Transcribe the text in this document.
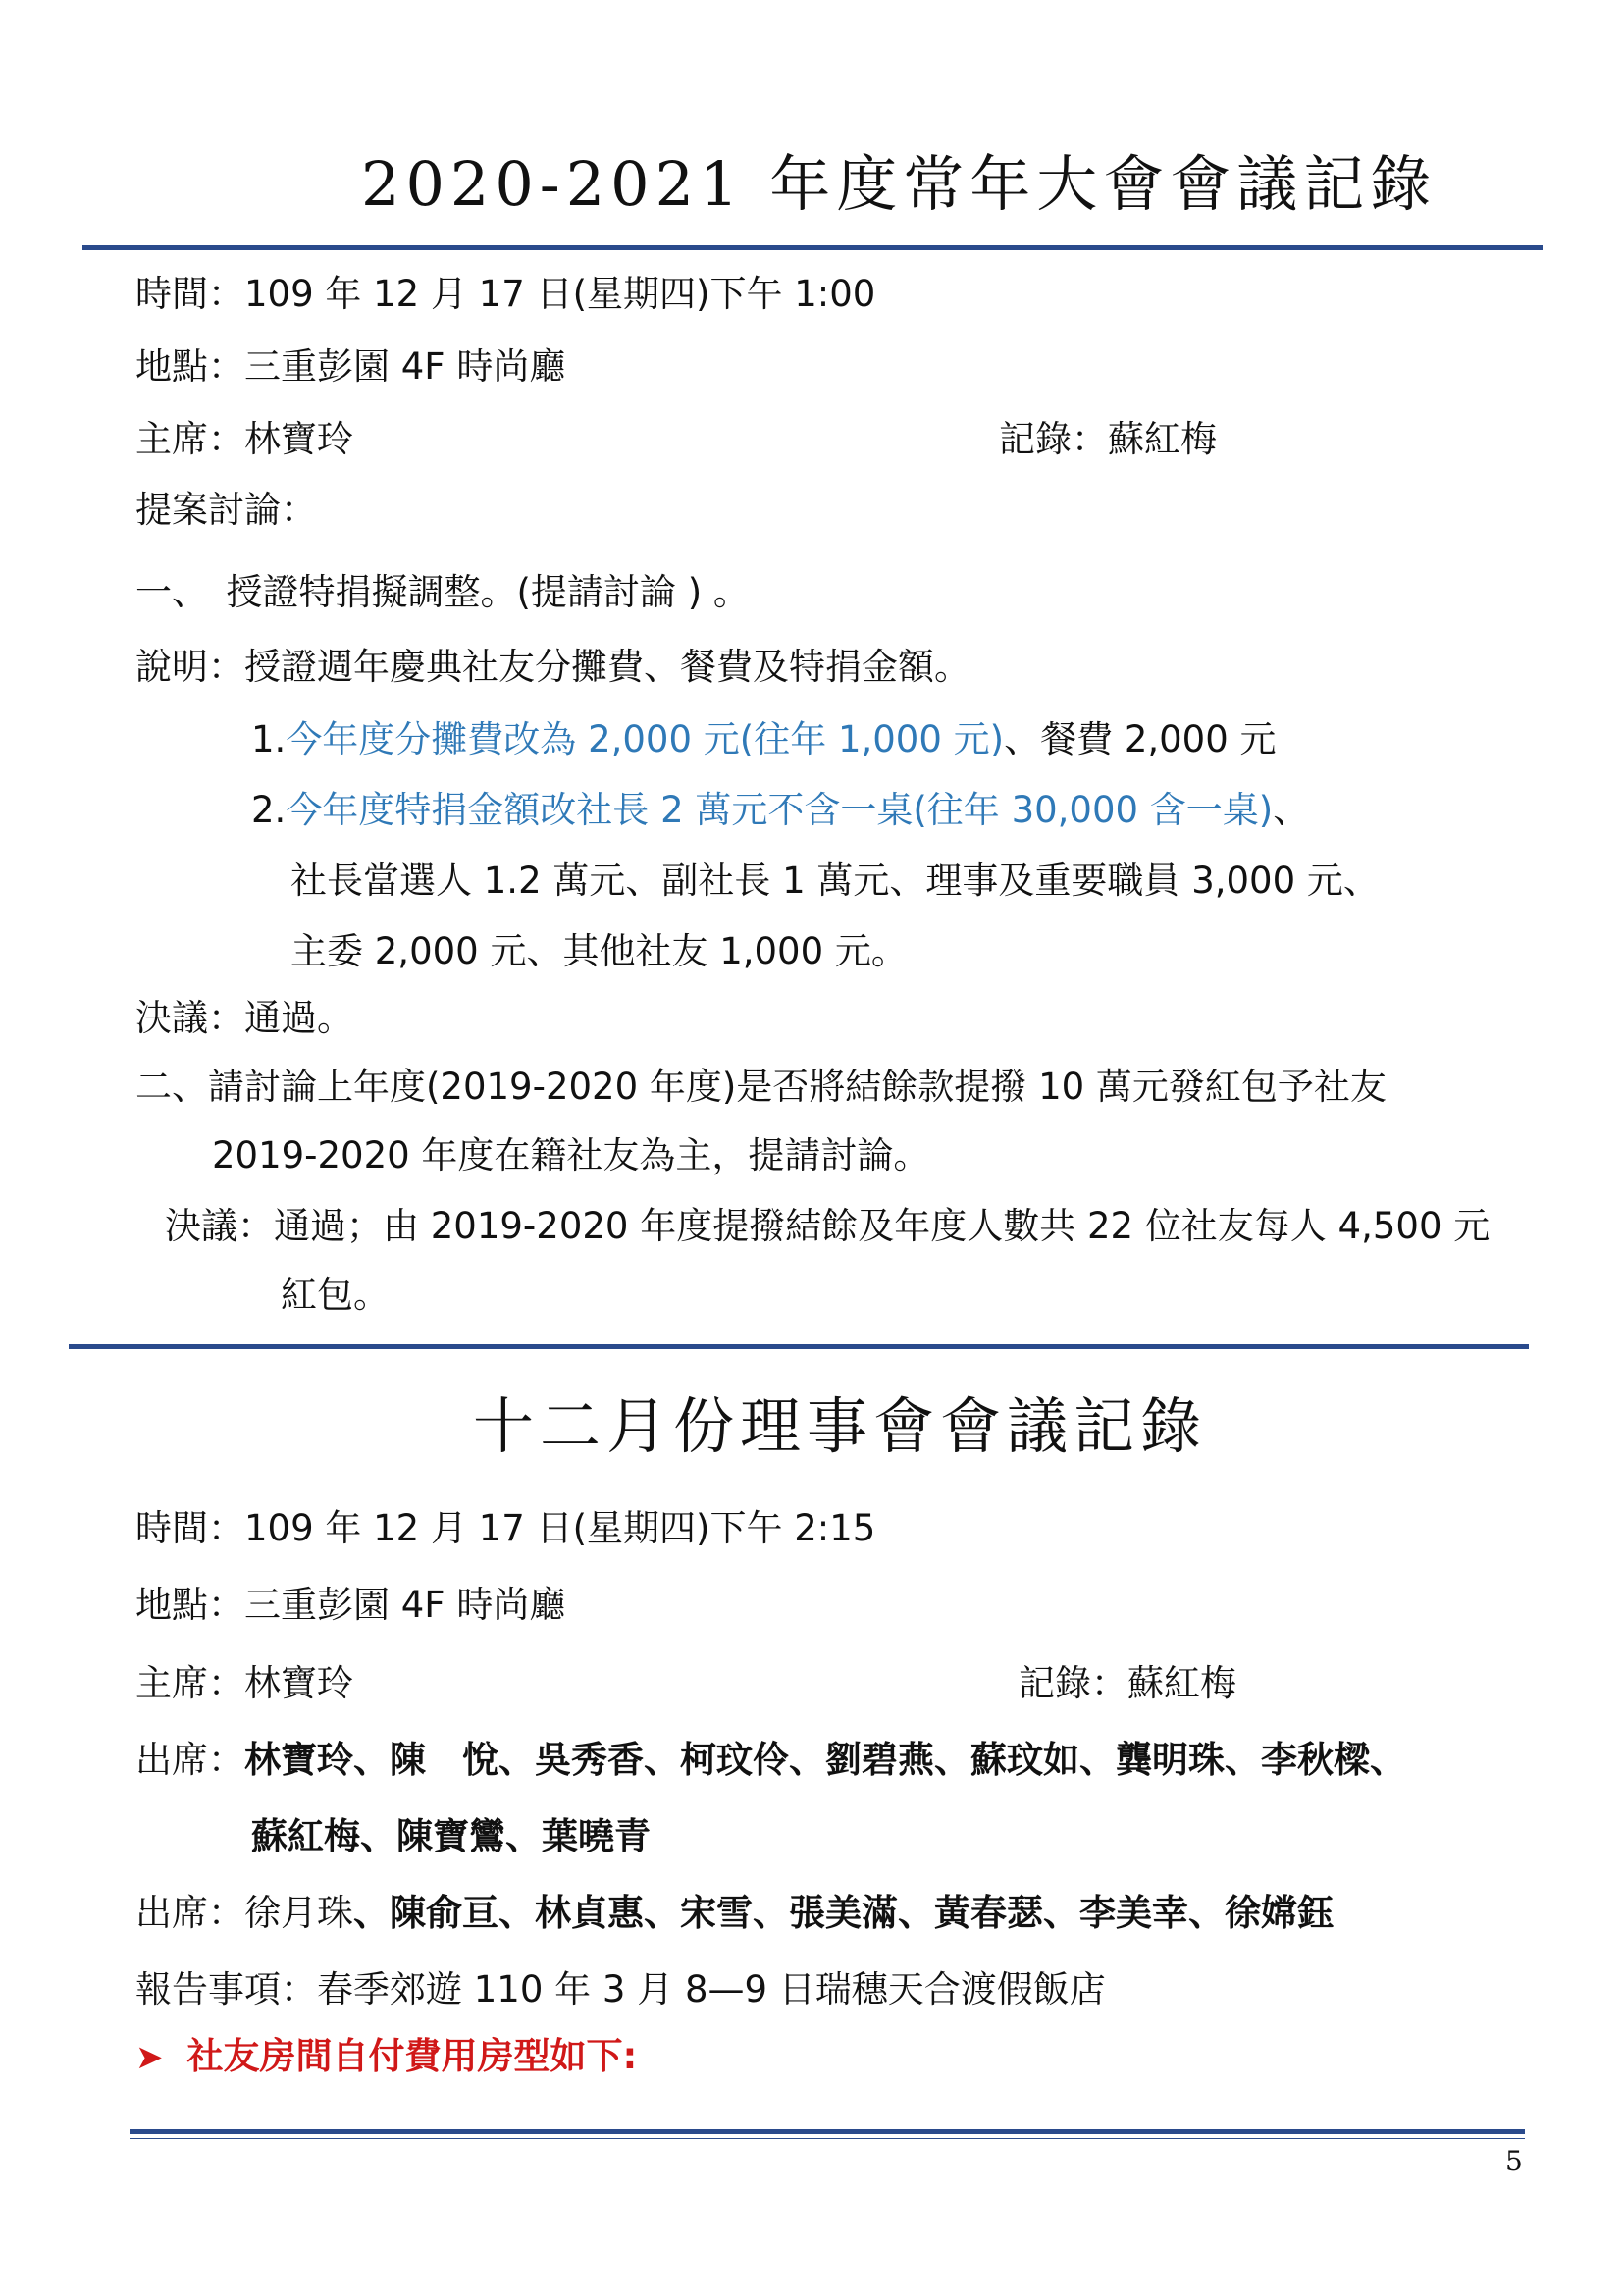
2020-2021 年度常年大會會議記錄
時間：109 年 12 月 17 日(星期四)下午 1:00
地點：三重彭園 4F 時尚廳
主席：林寶玲	記錄：蘇紅梅
提案討論：
一、　授證特捐擬調整。(提請討論 ) 。
說明：授證週年慶典社友分攤費、餐費及特捐金額。
1.今年度分攤費改為 2,000 元(往年 1,000 元)、餐費 2,000 元
2.今年度特捐金額改社長 2 萬元不含一桌(往年 30,000 含一桌)、
社長當選人 1.2 萬元、副社長 1 萬元、理事及重要職員 3,000 元、
主委 2,000 元、其他社友 1,000 元。
決議：通過。
二、請討論上年度(2019-2020 年度)是否將結餘款提撥 10 萬元發紅包予社友
2019-2020 年度在籍社友為主，提請討論。
決議：通過；由 2019-2020 年度提撥結餘及年度人數共 22 位社友每人 4,500 元
紅包。
十二月份理事會會議記錄
時間：109 年 12 月 17 日(星期四)下午 2:15
地點：三重彭園 4F 時尚廳
主席：林寶玲	記錄：蘇紅梅
出席：林寶玲、陳　悅、吳秀香、柯玟伶、劉碧燕、蘇玟如、龔明珠、李秋樑、
蘇紅梅、陳寶鸞、葉曉青
出席：徐月珠、陳俞亘、林貞惠、宋雪、張美滿、黃春瑟、李美幸、徐嫦鈺
報告事項：春季郊遊 110 年 3 月 8—9 日瑞穗天合渡假飯店
➤ 社友房間自付費用房型如下:
5
